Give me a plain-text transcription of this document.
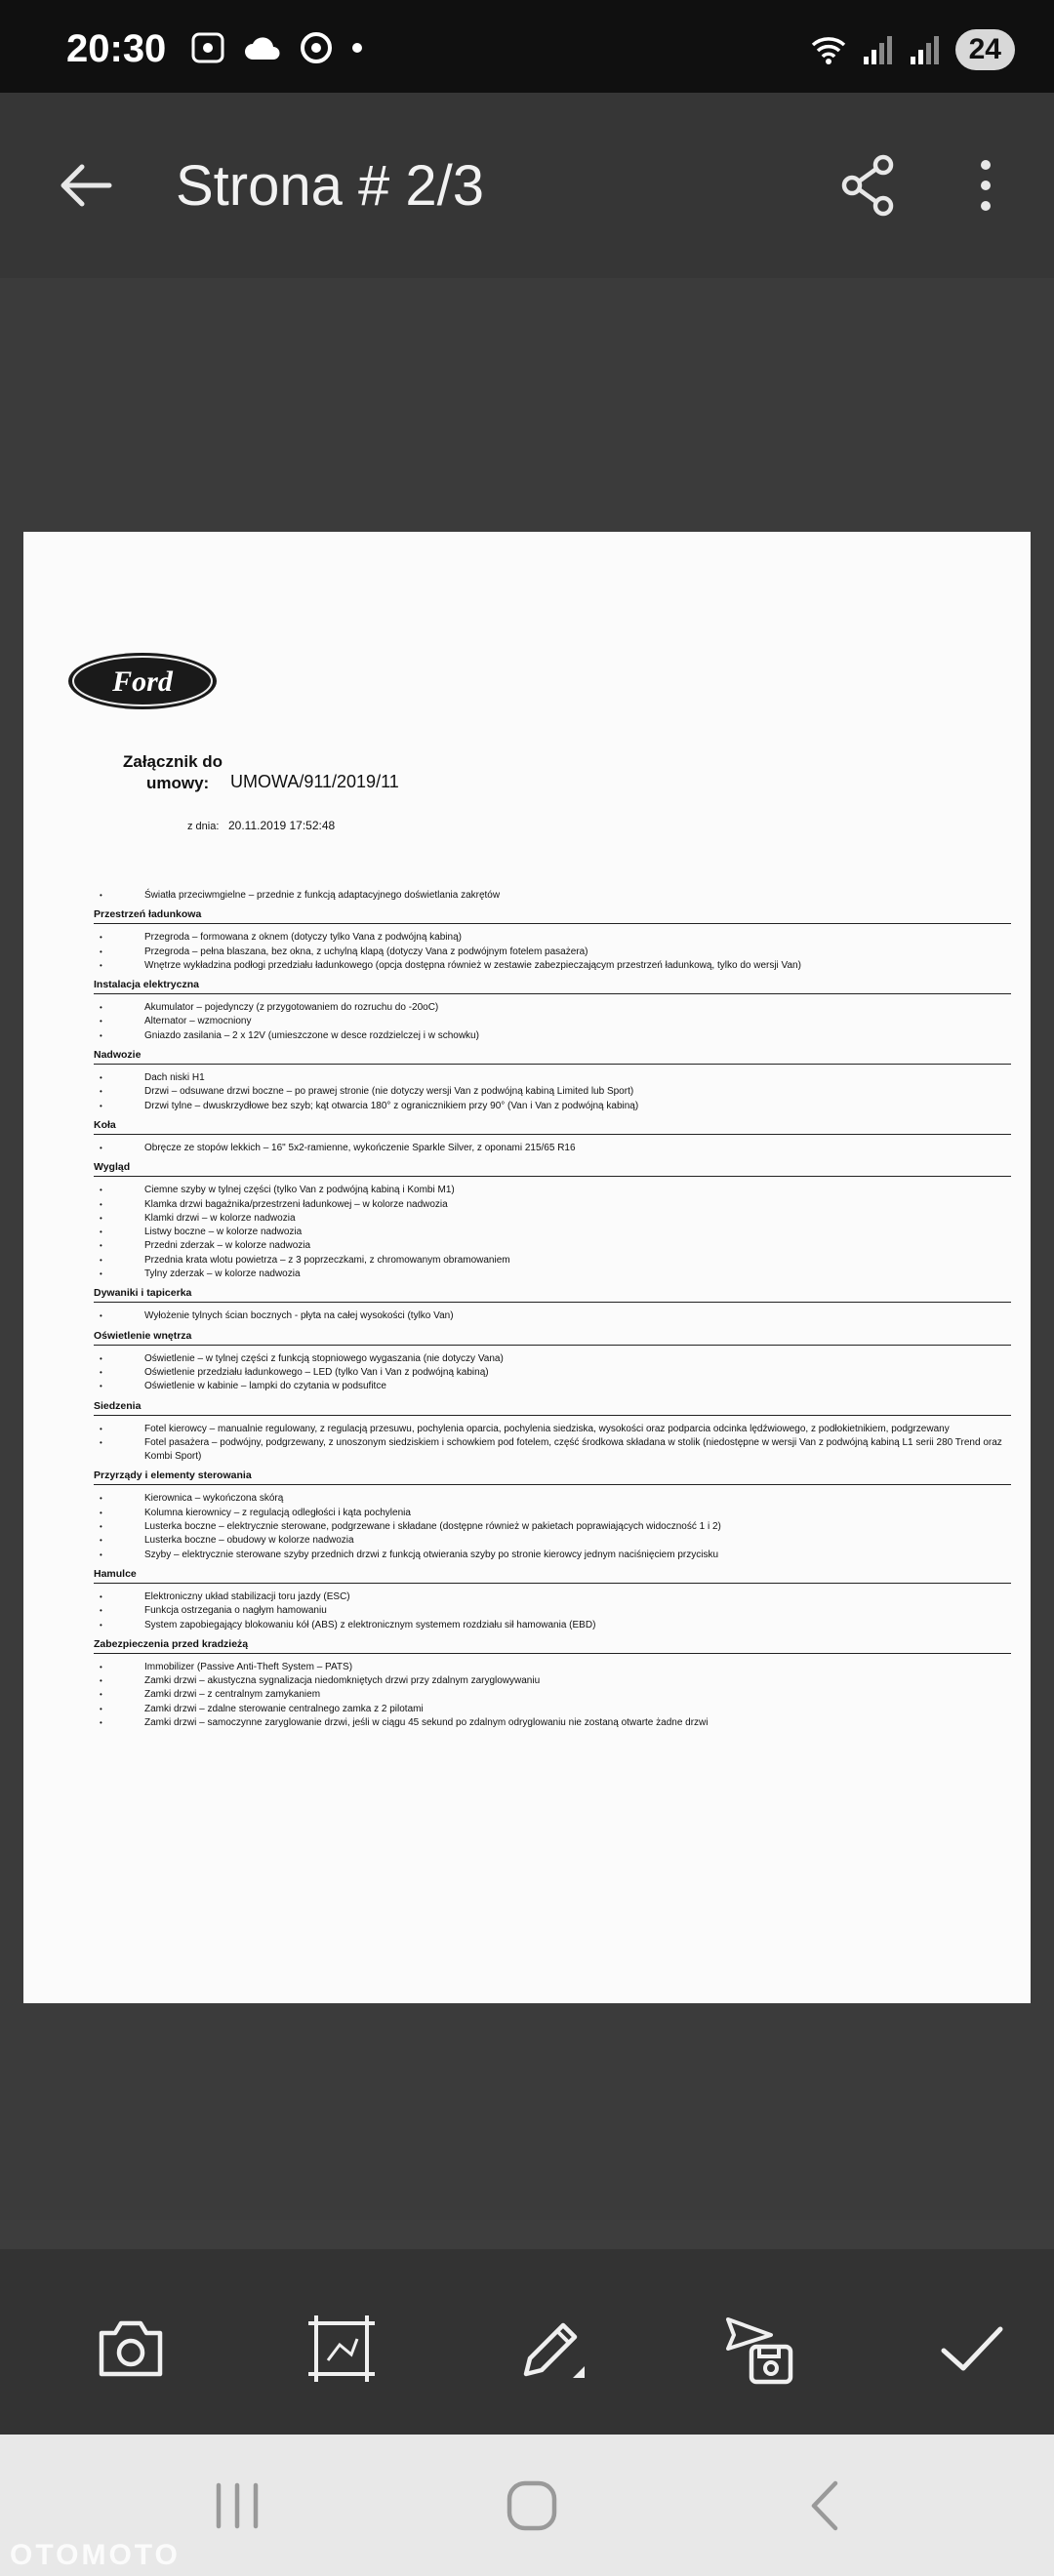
20:30	24
Strona # 2/3
Ford
Załącznik do
umowy: UMOWA/911/2019/11
z dnia: 20.11.2019 17:52:48
• Światła przeciwmgielne – przednie z funkcją adaptacyjnego doświetlania zakrętów
Przestrzeń ładunkowa
• Przegroda – formowana z oknem (dotyczy tylko Vana z podwójną kabiną)
• Przegroda – pełna blaszana, bez okna, z uchylną klapą (dotyczy Vana z podwójnym fotelem pasażera)
• Wnętrze wykładzina podłogi przedziału ładunkowego (opcja dostępna również w zestawie zabezpieczającym przestrzeń ładunkową, tylko do wersji Van)
Instalacja elektryczna
• Akumulator – pojedynczy (z przygotowaniem do rozruchu do -20oC)
• Alternator – wzmocniony
• Gniazdo zasilania – 2 x 12V (umieszczone w desce rozdzielczej i w schowku)
Nadwozie
• Dach niski H1
• Drzwi – odsuwane drzwi boczne – po prawej stronie (nie dotyczy wersji Van z podwójną kabiną Limited lub Sport)
• Drzwi tylne – dwuskrzydłowe bez szyb; kąt otwarcia 180° z ogranicznikiem przy 90° (Van i Van z podwójną kabiną)
Koła
• Obręcze ze stopów lekkich – 16" 5x2-ramienne, wykończenie Sparkle Silver, z oponami 215/65 R16
Wygląd
• Ciemne szyby w tylnej części (tylko Van z podwójną kabiną i Kombi M1)
• Klamka drzwi bagażnika/przestrzeni ładunkowej – w kolorze nadwozia
• Klamki drzwi – w kolorze nadwozia
• Listwy boczne – w kolorze nadwozia
• Przedni zderzak – w kolorze nadwozia
• Przednia krata wlotu powietrza – z 3 poprzeczkami, z chromowanym obramowaniem
• Tylny zderzak – w kolorze nadwozia
Dywaniki i tapicerka
• Wyłożenie tylnych ścian bocznych - płyta na całej wysokości (tylko Van)
Oświetlenie wnętrza
• Oświetlenie – w tylnej części z funkcją stopniowego wygaszania (nie dotyczy Vana)
• Oświetlenie przedziału ładunkowego – LED (tylko Van i Van z podwójną kabiną)
• Oświetlenie w kabinie – lampki do czytania w podsufitce
Siedzenia
• Fotel kierowcy – manualnie regulowany, z regulacją przesuwu, pochylenia oparcia, pochylenia siedziska, wysokości oraz podparcia odcinka lędźwiowego, z podłokietnikiem, podgrzewany
• Fotel pasażera – podwójny, podgrzewany, z unoszonym siedziskiem i schowkiem pod fotelem, część środkowa składana w stolik (niedostępne w wersji Van z podwójną kabiną L1 serii 280 Trend oraz Kombi Sport)
Przyrządy i elementy sterowania
• Kierownica – wykończona skórą
• Kolumna kierownicy – z regulacją odległości i kąta pochylenia
• Lusterka boczne – elektrycznie sterowane, podgrzewane i składane (dostępne również w pakietach poprawiających widoczność 1 i 2)
• Lusterka boczne – obudowy w kolorze nadwozia
• Szyby – elektrycznie sterowane szyby przednich drzwi z funkcją otwierania szyby po stronie kierowcy jednym naciśnięciem przycisku
Hamulce
• Elektroniczny układ stabilizacji toru jazdy (ESC)
• Funkcja ostrzegania o nagłym hamowaniu
• System zapobiegający blokowaniu kół (ABS) z elektronicznym systemem rozdziału sił hamowania (EBD)
Zabezpieczenia przed kradzieżą
• Immobilizer (Passive Anti-Theft System – PATS)
• Zamki drzwi – akustyczna sygnalizacja niedomkniętych drzwi przy zdalnym zaryglowywaniu
• Zamki drzwi – z centralnym zamykaniem
• Zamki drzwi – zdalne sterowanie centralnego zamka z 2 pilotami
• Zamki drzwi – samoczynne zaryglowanie drzwi, jeśli w ciągu 45 sekund po zdalnym odryglowaniu nie zostaną otwarte żadne drzwi
OTOMOTO
